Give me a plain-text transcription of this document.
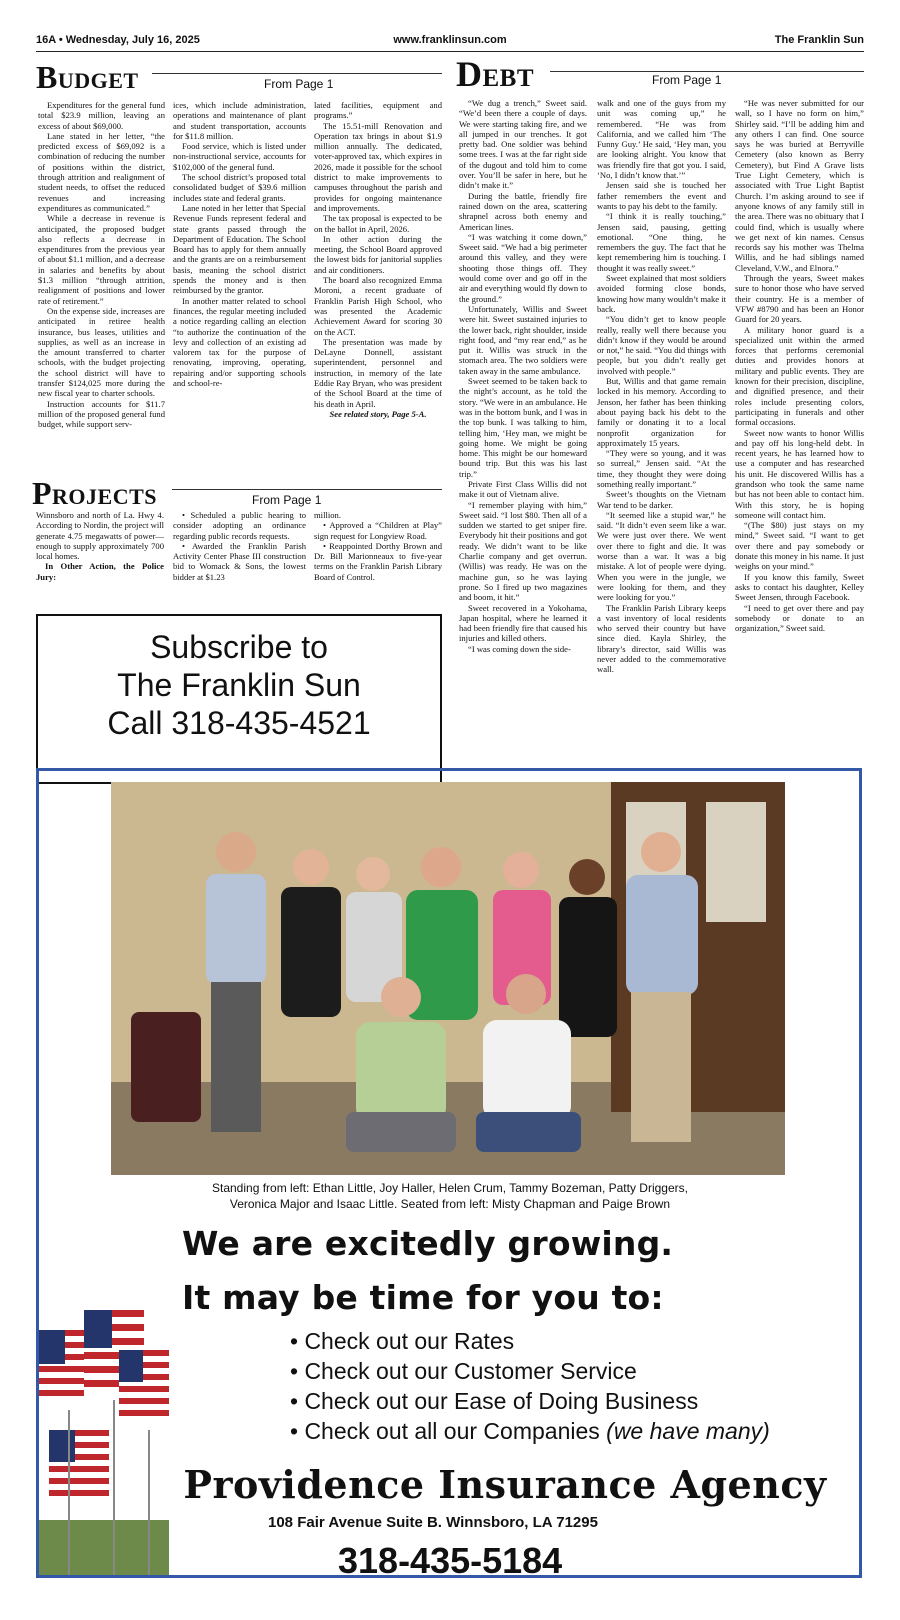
16A • Wednesday, July 16, 2025	www.franklinsun.com	The Franklin Sun
Budget	From Page 1

Expenditures for the general fund total $23.9 million, leaving an excess of about $69,000.

Lane stated in her letter, “the predicted excess of $69,092 is a combination of reducing the number of positions within the district, through attrition and realignment of student needs, to offset the reduced revenues and increasing expenditures as communicated.”

While a decrease in revenue is anticipated, the proposed budget also reflects a decrease in expenditures from the previous year of about $1.1 million, and a decrease in salaries and benefits by about $1.3 million “through attrition, realignment of positions and lower rate of retirement.”

On the expense side, increases are anticipated in retiree health insurance, bus leases, utilities and supplies, as well as an increase in the amount transferred to charter schools, with the budget projecting the school district will have to transfer $124,025 more during the new fiscal year to charter schools.

Instruction accounts for $11.7 million of the proposed general fund budget, while support serv-

ices, which include administration, operations and maintenance of plant and student transportation, accounts for $11.8 million.

Food service, which is listed under non-instructional service, accounts for $102,000 of the general fund.

The school district’s proposed total consolidated budget of $39.6 million includes state and federal grants.

Lane noted in her letter that Special Revenue Funds represent federal and state grants passed through the Department of Education. The School Board has to apply for them annually and the grants are on a reimbursement basis, meaning the school district spends the money and is then reimbursed by the grantor.

In another matter related to school finances, the regular meeting included a notice regarding calling an election “to authorize the continuation of the levy and collection of an existing ad valorem tax for the purpose of renovating, improving, operating, repairing and/or supporting schools and school-re-

lated facilities, equipment and programs.”

The 15.51-mill Renovation and Operation tax brings in about $1.9 million annually. The dedicated, voter-approved tax, which expires in 2026, made it possible for the school district to make improvements to campuses throughout the parish and provides for ongoing maintenance and improvements.

The tax proposal is expected to be on the ballot in April, 2026.

In other action during the meeting, the School Board approved the lowest bids for janitorial supplies and air conditioners.

The board also recognized Emma Moroni, a recent graduate of Franklin Parish High School, who was presented the Academic Achievement Award for scoring 30 on the ACT.

The presentation was made by DeLayne Donnell, assistant superintendent, personnel and instruction, in memory of the late Eddie Ray Bryan, who was president of the School Board at the time of his death in April.

See related story, Page 5-A.

Projects	From Page 1

Winnsboro and north of La. Hwy 4. According to Nordin, the project will generate 4.75 megawatts of power—enough to supply approximately 700 local homes.

In Other Action, the Police Jury:

• Scheduled a public hearing to consider adopting an ordinance regarding public records requests.

• Awarded the Franklin Parish Activity Center Phase III construction bid to Womack & Sons, the lowest bidder at $1.23

million.

• Approved a “Children at Play” sign request for Longview Road.

• Reappointed Dorthy Brown and Dr. Bill Marionneaux to five-year terms on the Franklin Parish Library Board of Control.

Subscribe to
The Franklin Sun
Call 318-435-4521
Debt	From Page 1

“We dug a trench,” Sweet said. “We’d been there a couple of days. We were starting taking fire, and we all jumped in our trenches. It got pretty bad. One soldier was behind some trees. I was at the far right side of the dugout and told him to come over. You’ll be safer in here, but he didn’t make it.”

During the battle, friendly fire rained down on the area, scattering shrapnel across both enemy and American lines.

“I was watching it come down,” Sweet said. “We had a big perimeter around this valley, and they were shooting those things off. They would come over and go off in the air and everything would fly down to the ground.”

Unfortunately, Willis and Sweet were hit. Sweet sustained injuries to the lower back, right shoulder, inside right food, and “my rear end,” as he put it. Willis was struck in the stomach area. The two soldiers were taken away in the same ambulance.

Sweet seemed to be taken back to the night’s account, as he told the story. “We were in an ambulance. He was in the bottom bunk, and I was in the top bunk. I was talking to him, telling him, ‘Hey man, we might be going home. We might be going home. This might be our homeward bound trip. But this was his last trip.”

Private First Class Willis did not make it out of Vietnam alive.

“I remember playing with him,” Sweet said. “I lost $80. Then all of a sudden we started to get sniper fire. Everybody hit their positions and got ready. We didn’t want to be like Charlie company and get overrun. (Willis) was ready. He was on the machine gun, so he was laying prone. So I fired up two magazines and boom, it hit.”

Sweet recovered in a Yokohama, Japan hospital, where he learned it had been friendly fire that caused his injuries and killed others.

“I was coming down the side-

walk and one of the guys from my unit was coming up,” he remembered. “He was from California, and we called him ‘The Funny Guy.’ He said, ‘Hey man, you are looking alright. You know that was friendly fire that got you. I said, ‘No, I didn’t know that.’”

Jensen said she is touched her father remembers the event and wants to pay his debt to the family.

“I think it is really touching,” Jensen said, pausing, getting emotional. “One thing, he remembers the guy. The fact that he kept remembering him is touching. I thought it was really sweet.”

Sweet explained that most soldiers avoided forming close bonds, knowing how many wouldn’t make it back.

“You didn’t get to know people really, really well there because you didn’t know if they would be around or not,” he said. “You did things with people, but you didn’t really get involved with people.”

But, Willis and that game remain locked in his memory. According to Jenson, her father has been thinking about paying back his debt to the family or donating it to a local nonprofit organization for approximately 15 years.

“They were so young, and it was so surreal,” Jensen said. “At the time, they thought they were doing something really important.”

Sweet’s thoughts on the Vietnam War tend to be darker.

“It seemed like a stupid war,” he said. “It didn’t even seem like a war. We were just over there. We went over there to fight and die. It was worse than a war. It was a big mistake. A lot of people were dying. When you were in the jungle, we were looking for them, and they were looking for you.”

The Franklin Parish Library keeps a vast inventory of local residents who served their country but have since died. Kayla Shirley, the library’s director, said Willis was never added to the commemorative wall.

“He was never submitted for our wall, so I have no form on him,” Shirley said. “I’ll be adding him and any others I can find. One source says he was buried at Berryville Cemetery (also known as Berry Cemetery), but Find A Grave lists True Light Cemetery, which is associated with True Light Baptist Church. I’m asking around to see if anyone knows of any family still in the area. There was no obituary that I could find, which is usually where we get next of kin names. Census records say his mother was Thelma Willis, and he had siblings named Cleveland, V.W., and Elnora.”

Through the years, Sweet makes sure to honor those who have served their country. He is a member of VFW #8790 and has been an Honor Guard for 20 years.

A military honor guard is a specialized unit within the armed forces that performs ceremonial duties and provides honors at military and public events. They are known for their precision, discipline, and dignified presence, and their roles include presenting colors, participating in funerals and other formal occasions.

Sweet now wants to honor Willis and pay off his long-held debt. In recent years, he has learned how to use a computer and has researched his unit. He discovered Willis has a grandson who took the same name but has not been able to contact him. With this story, he is hoping someone will contact him.

“(The $80) just stays on my mind,” Sweet said. “I want to get over there and pay somebody or donate this money in his name. It just weighs on your mind.”

If you know this family, Sweet asks to contact his daughter, Kelley Sweet Jensen, through Facebook.

“I need to get over there and pay somebody or donate to an organization,” Sweet said.

Standing from left: Ethan Little, Joy Haller, Helen Crum, Tammy Bozeman, Patty Driggers,
Veronica Major and Isaac Little. Seated from left: Misty Chapman and Paige Brown
We are excitedly growing.
It may be time for you to:
• Check out our Rates
• Check out our Customer Service
• Check out our Ease of Doing Business
• Check out all our Companies (we have many)
Providence Insurance Agency
108 Fair Avenue Suite B. Winnsboro, LA 71295
318-435-5184
